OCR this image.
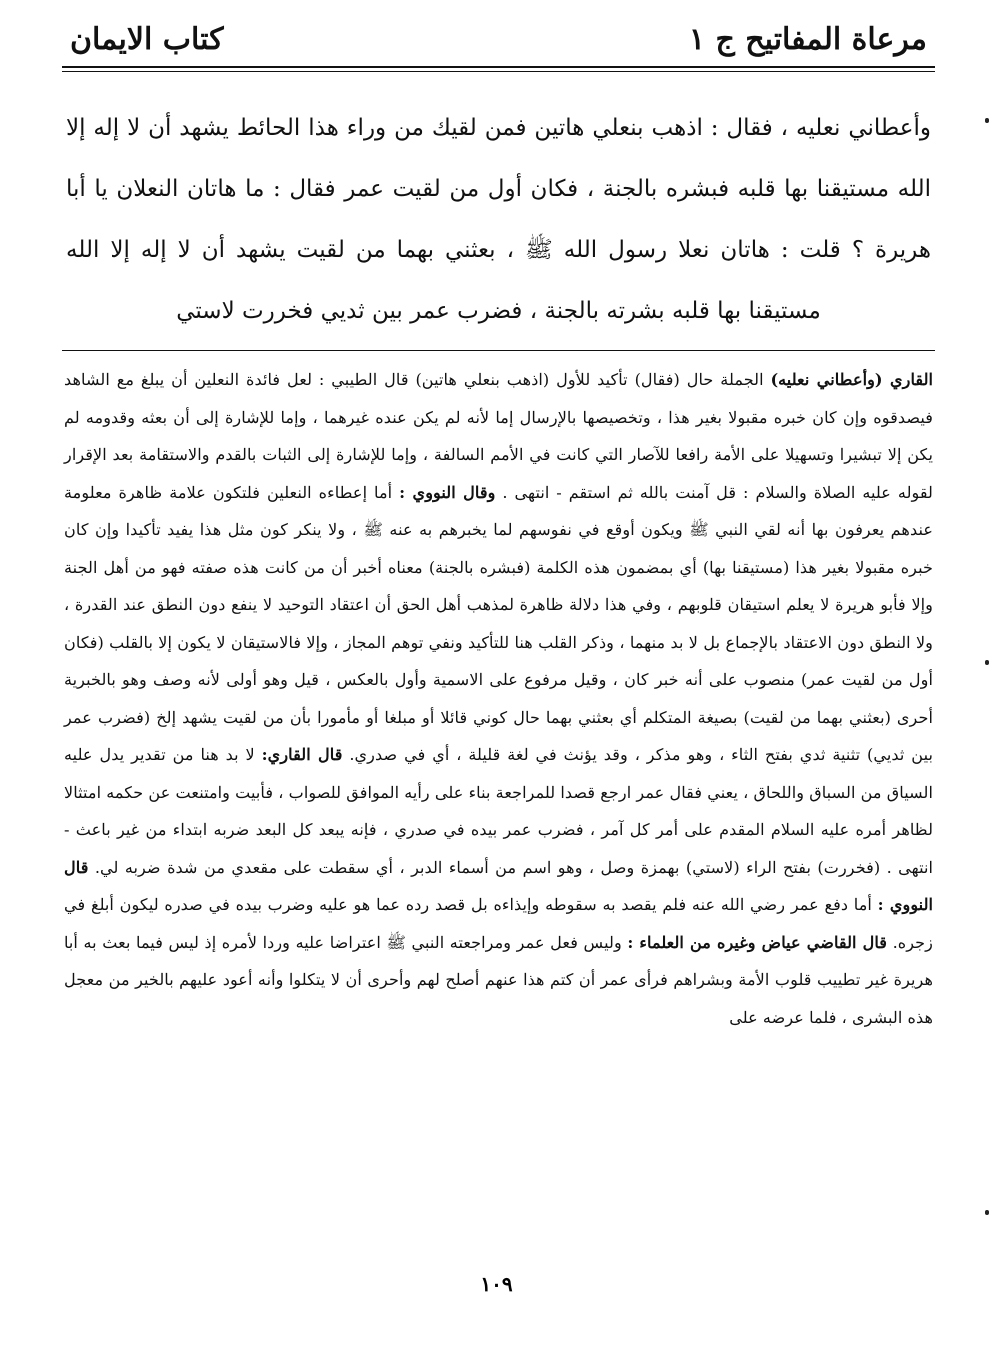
مرعاة المفاتيح ج ١
كتاب الايمان
وأعطاني نعليه ، فقال : اذهب بنعلي هاتين فمن لقيك من وراء هذا الحائط يشهد أن لا إله إلا الله مستيقنا بها قلبه فبشره بالجنة ، فكان أول من لقيت عمر فقال : ما هاتان النعلان يا أبا هريرة ؟ قلت : هاتان نعلا رسول الله ﷺ ، بعثني بهما من لقيت يشهد أن لا إله إلا الله مستيقنا بها قلبه بشرته بالجنة ، فضرب عمر بين ثديي فخررت لاستي
القاري (وأعطاني نعليه) الجملة حال (فقال) تأكيد للأول (اذهب بنعلي هاتين) قال الطيبي : لعل فائدة النعلين أن يبلغ مع الشاهد فيصدقوه وإن كان خبره مقبولا بغير هذا ، وتخصيصها بالإرسال إما لأنه لم يكن عنده غيرهما ، وإما للإشارة إلى أن بعثه وقدومه لم يكن إلا تبشيرا وتسهيلا على الأمة رافعا للآصار التي كانت في الأمم السالفة ، وإما للإشارة إلى الثبات بالقدم والاستقامة بعد الإقرار لقوله عليه الصلاة والسلام : قل آمنت بالله ثم استقم - انتهى . وقال النووي : أما إعطاءه النعلين فلتكون علامة ظاهرة معلومة عندهم يعرفون بها أنه لقي النبي ﷺ ويكون أوقع في نفوسهم لما يخبرهم به عنه ﷺ ، ولا ينكر كون مثل هذا يفيد تأكيدا وإن كان خبره مقبولا بغير هذا (مستيقنا بها) أي بمضمون هذه الكلمة (فبشره بالجنة) معناه أخبر أن من كانت هذه صفته فهو من أهل الجنة وإلا فأبو هريرة لا يعلم استيقان قلوبهم ، وفي هذا دلالة ظاهرة لمذهب أهل الحق أن اعتقاد التوحيد لا ينفع دون النطق عند القدرة ، ولا النطق دون الاعتقاد بالإجماع بل لا بد منهما ، وذكر القلب هنا للتأكيد ونفي توهم المجاز ، وإلا فالاستيقان لا يكون إلا بالقلب (فكان أول من لقيت عمر) منصوب على أنه خبر كان ، وقيل مرفوع على الاسمية وأول بالعكس ، قيل وهو أولى لأنه وصف وهو بالخبرية أحرى (بعثني بهما من لقيت) بصيغة المتكلم أي بعثني بهما حال كوني قائلا أو مبلغا أو مأمورا بأن من لقيت يشهد إلخ (فضرب عمر بين ثديي) تثنية ثدي بفتح الثاء ، وهو مذكر ، وقد يؤنث في لغة قليلة ، أي في صدري. قال القاري: لا بد هنا من تقدير يدل عليه السياق من السباق واللحاق ، يعني فقال عمر ارجع قصدا للمراجعة بناء على رأيه الموافق للصواب ، فأبيت وامتنعت عن حكمه امتثالا لظاهر أمره عليه السلام المقدم على أمر كل آمر ، فضرب عمر بيده في صدري ، فإنه يبعد كل البعد ضربه ابتداء من غير باعث - انتهى . (فخررت) بفتح الراء (لاستي) بهمزة وصل ، وهو اسم من أسماء الدبر ، أي سقطت على مقعدي من شدة ضربه لي. قال النووي : أما دفع عمر رضي الله عنه فلم يقصد به سقوطه وإيذاءه بل قصد رده عما هو عليه وضرب بيده في صدره ليكون أبلغ في زجره. قال القاضي عياض وغيره من العلماء : وليس فعل عمر ومراجعته النبي ﷺ اعتراضا عليه وردا لأمره إذ ليس فيما بعث به أبا هريرة غير تطييب قلوب الأمة وبشراهم فرأى عمر أن كتم هذا عنهم أصلح لهم وأحرى أن لا يتكلوا وأنه أعود عليهم بالخير من معجل هذه البشرى ، فلما عرضه على
١٠٩
